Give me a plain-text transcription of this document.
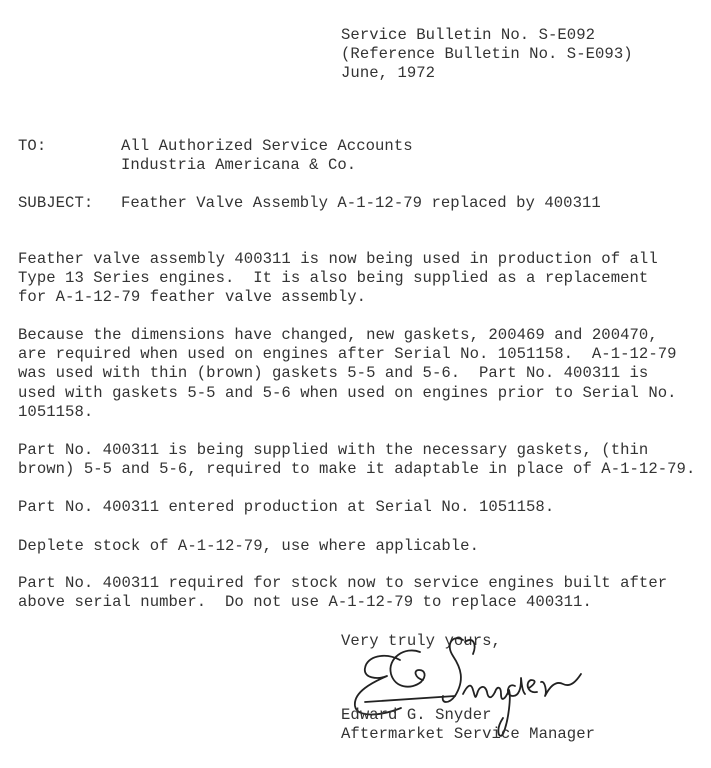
Service Bulletin No. S-E092
(Reference Bulletin No. S-E093)
June, 1972
TO:	All Authorized Service Accounts
Industria Americana & Co.
SUBJECT: Feather Valve Assembly A-1-12-79 replaced by 400311
Feather valve assembly 400311 is now being used in production of all
Type 13 Series engines.  It is also being supplied as a replacement
for A-1-12-79 feather valve assembly.
Because the dimensions have changed, new gaskets, 200469 and 200470,
are required when used on engines after Serial No. 1051158.  A-1-12-79
was used with thin (brown) gaskets 5-5 and 5-6.  Part No. 400311 is
used with gaskets 5-5 and 5-6 when used on engines prior to Serial No.
1051158.
Part No. 400311 is being supplied with the necessary gaskets, (thin
brown) 5-5 and 5-6, required to make it adaptable in place of A-1-12-79.
Part No. 400311 entered production at Serial No. 1051158.
Deplete stock of A-1-12-79, use where applicable.
Part No. 400311 required for stock now to service engines built after
above serial number.  Do not use A-1-12-79 to replace 400311.
Very truly yours,
Edward G. Snyder
Aftermarket Service Manager
